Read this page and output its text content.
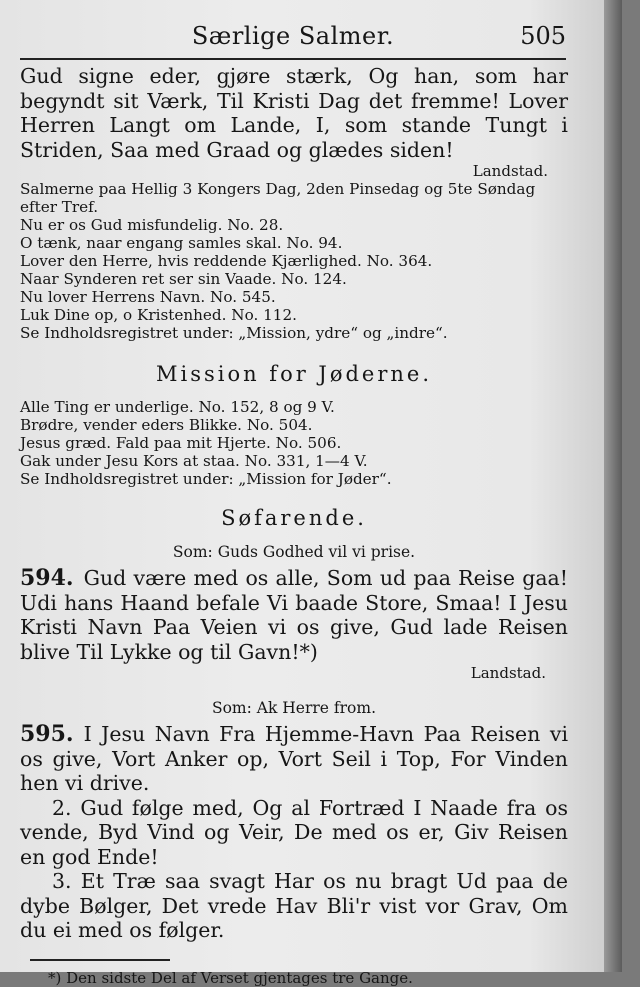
Særlige Salmer.	505

Gud signe eder, gjøre stærk, Og han, som har begyndt sit Værk, Til Kristi Dag det fremme! Lover Herren Langt om Lande, I, som stande Tungt i Striden, Saa med Graad og glædes siden!

Landstad.
Salmerne paa Hellig 3 Kongers Dag, 2den Pinsedag og 5te Søndag efter Tref.
Nu er os Gud misfundelig. No. 28.
O tænk, naar engang samles skal. No. 94.
Lover den Herre, hvis reddende Kjærlighed. No. 364.
Naar Synderen ret ser sin Vaade. No. 124.
Nu lover Herrens Navn. No. 545.
Luk Dine op, o Kristenhed. No. 112.
Se Indholdsregistret under: „Mission, ydre“ og „indre“.
Mission for Jøderne.
Alle Ting er underlige. No. 152, 8 og 9 V.
Brødre, vender eders Blikke. No. 504.
Jesus græd. Fald paa mit Hjerte. No. 506.
Gak under Jesu Kors at staa. No. 331, 1—4 V.
Se Indholdsregistret under: „Mission for Jøder“.
Søfarende.
Som: Guds Godhed vil vi prise.

594. Gud være med os alle, Som ud paa Reise gaa! Udi hans Haand befale Vi baade Store, Smaa! I Jesu Kristi Navn Paa Veien vi os give, Gud lade Reisen blive Til Lykke og til Gavn!*)

Landstad.
Som: Ak Herre from.

595. I Jesu Navn Fra Hjemme-Havn Paa Reisen vi os give, Vort Anker op, Vort Seil i Top, For Vinden hen vi drive.

2. Gud følge med, Og al Fortræd I Naade fra os vende, Byd Vind og Veir, De med os er, Giv Reisen en god Ende!

3. Et Træ saa svagt Har os nu bragt Ud paa de dybe Bølger, Det vrede Hav Bli'r vist vor Grav, Om du ei med os følger.

*) Den sidste Del af Verset gjentages tre Gange.
